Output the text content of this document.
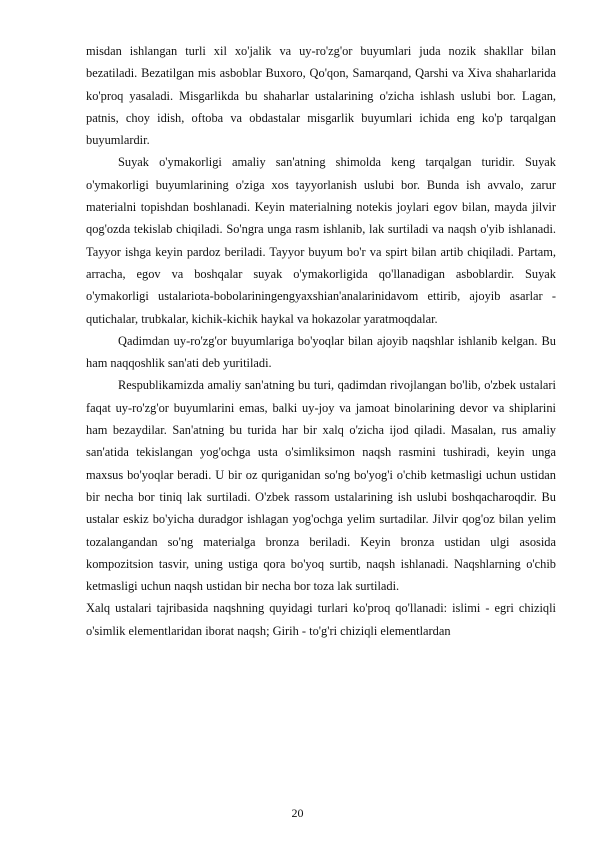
misdan ishlangan turli xil xo'jalik va uy-ro'zg'or buyumlari juda nozik shakllar bilan bezatiladi. Bezatilgan mis asboblar Buxoro, Qo'qon, Samarqand, Qarshi va Xiva shaharlarida ko'proq yasaladi. Misgarlikda bu shaharlar ustalarining o'zicha ishlash uslubi bor. Lagan, patnis, choy idish, oftoba va obdastalar misgarlik buyumlari ichida eng ko'p tarqalgan buyumlardir.

Suyak o'ymakorligi amaliy san'atning shimolda keng tarqalgan turidir. Suyak o'ymakorligi buyumlarining o'ziga xos tayyorlanish uslubi bor. Bunda ish avvalo, zarur materialni topishdan boshlanadi. Keyin materialning notekis joylari egov bilan, mayda jilvir qog'ozda tekislab chiqiladi. So'ngra unga rasm ishlanib, lak surtiladi va naqsh o'yib ishlanadi. Tayyor ishga keyin pardoz beriladi. Tayyor buyum bo'r va spirt bilan artib chiqiladi. Partam, arracha, egov va boshqalar suyak o'ymakorligida qo'llanadigan asboblardir. Suyak o'ymakorligi ustalariota-bobolariningengyaxshian'analarinidavom ettirib, ajoyib asarlar - qutichalar, trubkalar, kichik-kichik haykal va hokazolar yaratmoqdalar.

Qadimdan uy-ro'zg'or buyumlariga bo'yoqlar bilan ajoyib naqshlar ishlanib kelgan. Bu ham naqqoshlik san'ati deb yuritiladi.

Respublikamizda amaliy san'atning bu turi, qadimdan rivojlangan bo'lib, o'zbek ustalari faqat uy-ro'zg'or buyumlarini emas, balki uy-joy va jamoat binolarining devor va shiplarini ham bezaydilar. San'atning bu turida har bir xalq o'zicha ijod qiladi. Masalan, rus amaliy san'atida tekislangan yog'ochga usta o'simliksimon naqsh rasmini tushiradi, keyin unga maxsus bo'yoqlar beradi. U bir oz quriganidan so'ng bo'yog'i o'chib ketmasligi uchun ustidan bir necha bor tiniq lak surtiladi. O'zbek rassom ustalarining ish uslubi boshqacharoqdir. Bu ustalar eskiz bo'yicha duradgor ishlagan yog'ochga yelim surtadilar. Jilvir qog'oz bilan yelim tozalangandan so'ng materialga bronza beriladi. Keyin bronza ustidan ulgi asosida kompozitsion tasvir, uning ustiga qora bo'yoq surtib, naqsh ishlanadi. Naqshlarning o'chib ketmasligi uchun naqsh ustidan bir necha bor toza lak surtiladi.

Xalq ustalari tajribasida naqshning quyidagi turlari ko'proq qo'llanadi: islimi - egri chiziqli o'simlik elementlaridan iborat naqsh; Girih - to'g'ri chiziqli elementlardan

20
